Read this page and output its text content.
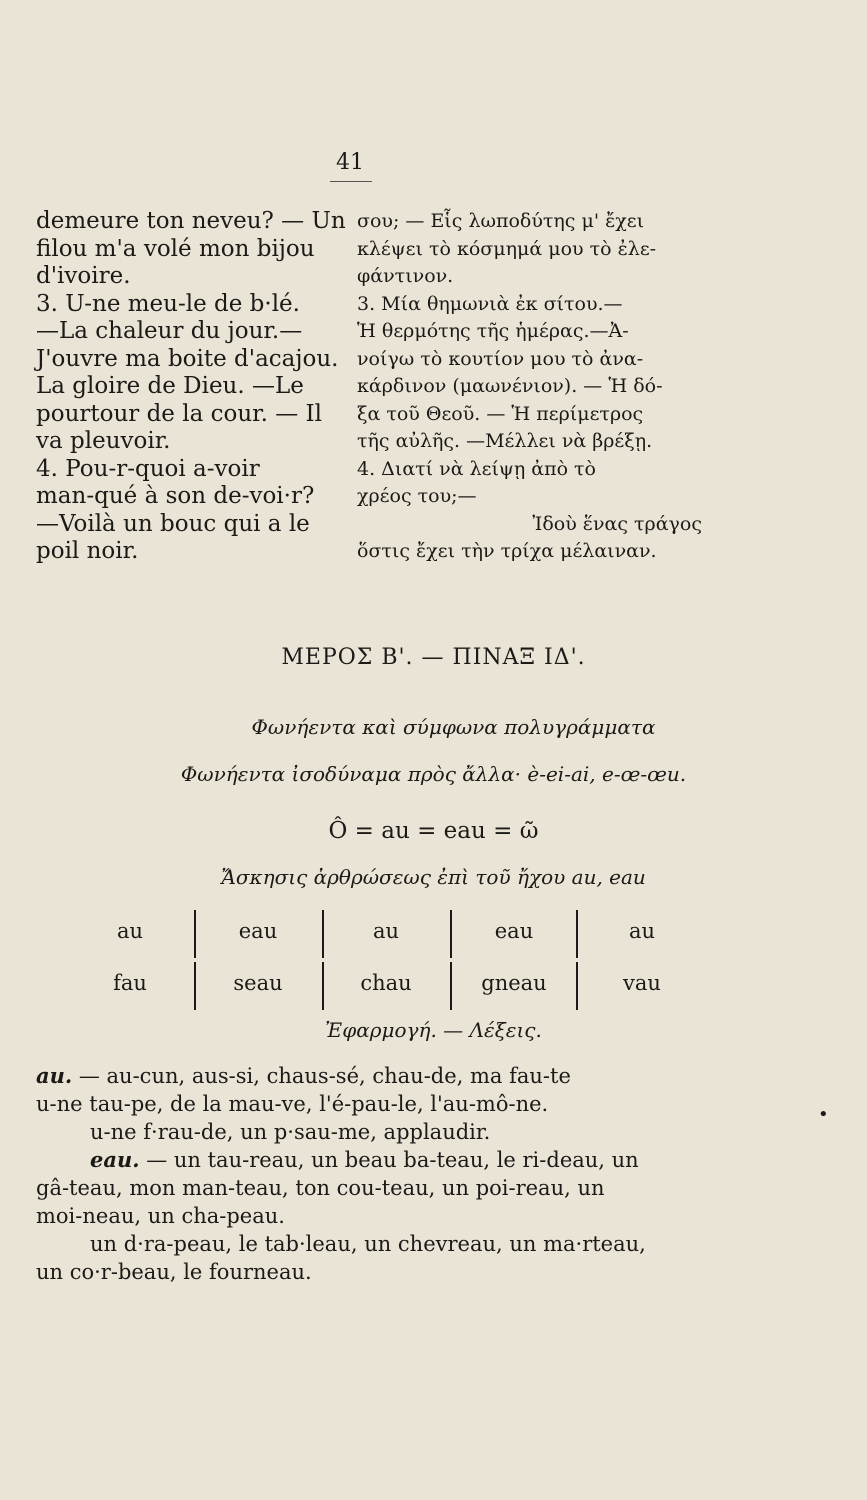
41
demeure ton neveu? — Un
filou m'a volé mon bijou
d'ivoire.
3. U-ne meu-le de b·lé.
—La chaleur du jour.—
J'ouvre ma boite d'acajou.
La gloire de Dieu. —Le
pourtour de la cour. — Il
va pleuvoir.
4. Pou-r-quoi a-voir
man-qué à son de-voi·r?
—Voilà un bouc qui a le
poil noir.
σου; — Εἷς λωποδύτης μ' ἔχει
κλέψει τὸ κόσμημά μου τὸ ἐλε-
φάντινον.
3. Μία θημωνιὰ ἐκ σίτου.—
Ἡ θερμότης τῆς ἡμέρας.—Ἀ-
νοίγω τὸ κουτίον μου τὸ ἀνα-
κάρδινον (μαωνένιον). — Ἡ δό-
ξα τοῦ Θεοῦ. — Ἡ περίμετρος
τῆς αὐλῆς. —Μέλλει νὰ βρέξῃ.
4. Διατί νὰ λείψῃ ἀπὸ τὸ
χρέος του;—
Ἰδοὺ ἕνας τράγος
ὅστις ἔχει τὴν τρίχα μέλαιναν.
ΜΕΡΟΣ Β'. — ΠΙΝΑΞ ΙΔ'.
Φωνήεντα καὶ σύμφωνα πολυγράμματα
Φωνήεντα ἰσοδύναμα πρὸς ἄλλα· è-ei-ai, e-œ-œu.
Ô = au = eau = ῶ
Ἄσκησις ἀρθρώσεως ἐπὶ τοῦ ἤχου au, eau
au	eau	au	eau	au
fau	seau	chau	gneau	vau
Ἐφαρμογή. — Λέξεις.
au. — au-cun, aus-si, chaus-sé, chau-de, ma fau-te
u-ne tau-pe, de la mau-ve, l'é-pau-le, l'au-mô-ne.
u-ne f·rau-de, un p·sau-me, applaudir.
eau. — un tau-reau, un beau ba-teau, le ri-deau, un
gâ-teau, mon man-teau, ton cou-teau, un poi-reau, un
moi-neau, un cha-peau.
un d·ra-peau, le tab·leau, un chevreau, un ma·rteau,
un co·r-beau, le fourneau.
•
